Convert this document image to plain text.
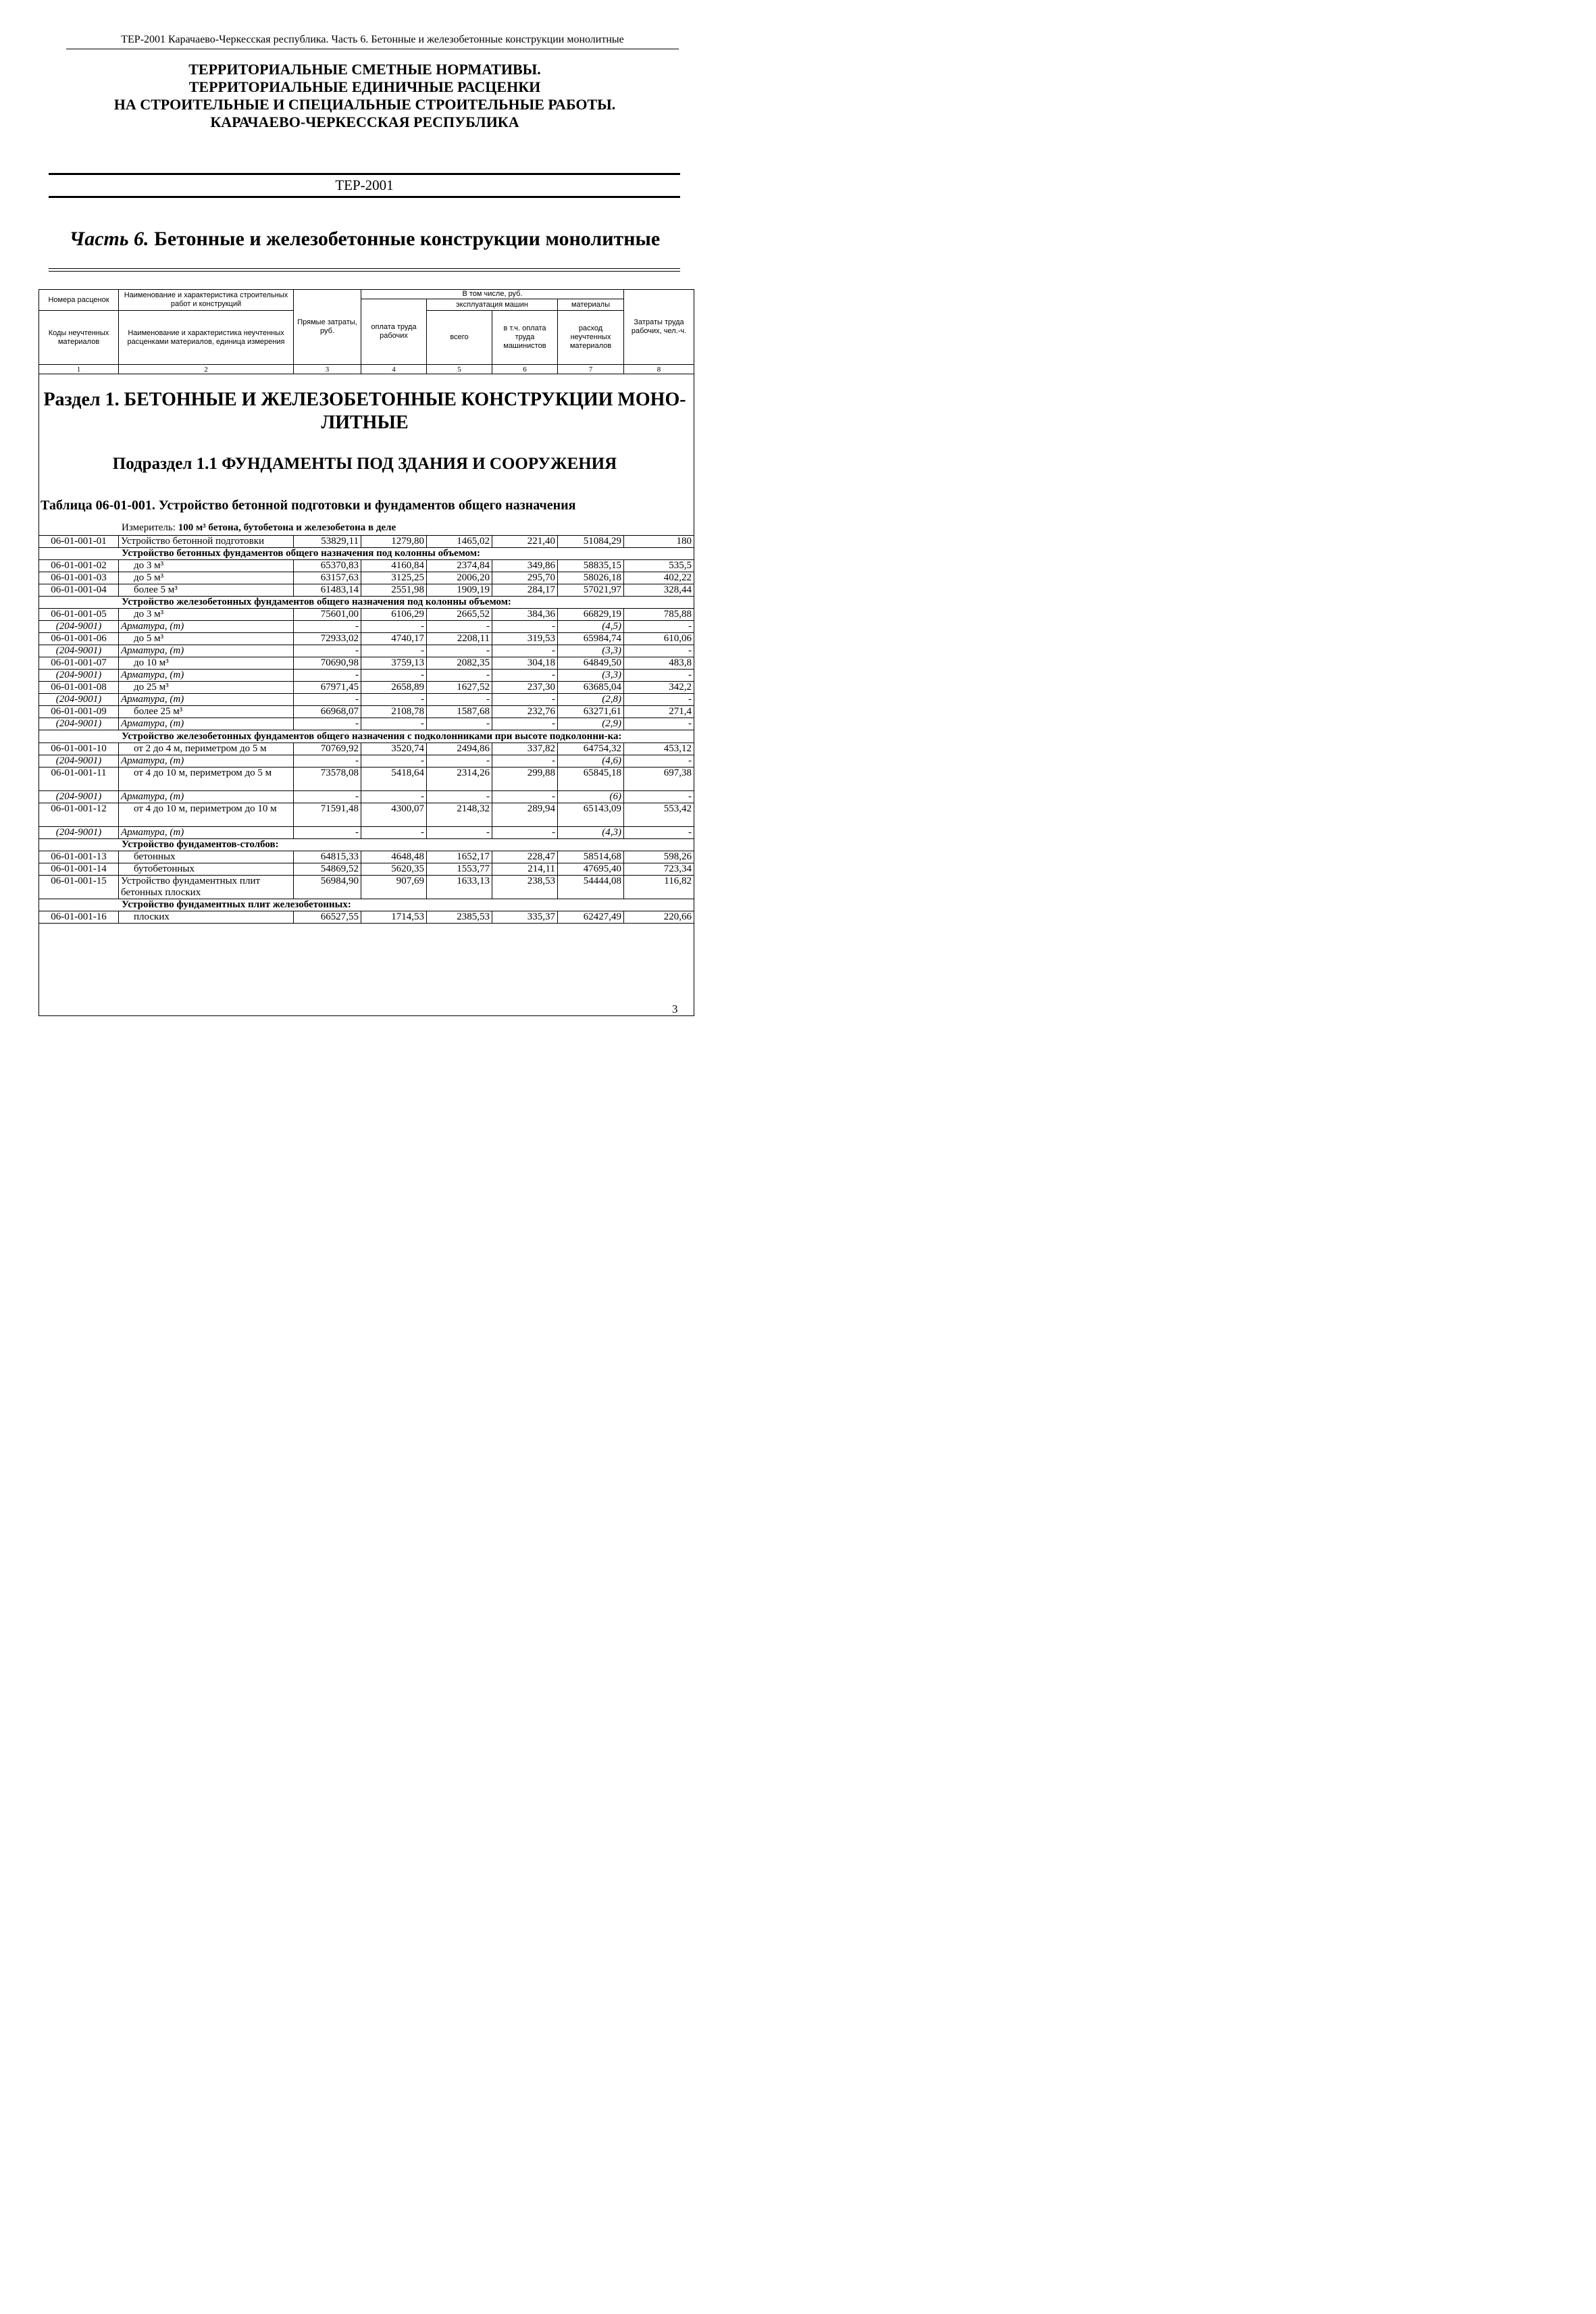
ТЕР-2001 Карачаево-Черкесская республика. Часть 6. Бетонные и железобетонные конструкции монолитные
ТЕРРИТОРИАЛЬНЫЕ СМЕТНЫЕ НОРМАТИВЫ.
ТЕРРИТОРИАЛЬНЫЕ ЕДИНИЧНЫЕ РАСЦЕНКИ
НА СТРОИТЕЛЬНЫЕ И СПЕЦИАЛЬНЫЕ СТРОИТЕЛЬНЫЕ РАБОТЫ.
КАРАЧАЕВО-ЧЕРКЕССКАЯ РЕСПУБЛИКА
ТЕР-2001
Часть 6. Бетонные и железобетонные конструкции монолитные
Номера расценок	Наименование и характеристика строительных работ и конструкций	Прямые затраты, руб.	В том числе, руб.				Затраты труда рабочих, чел.-ч.
			оплата труда рабочих	эксплуатация машин		материалы	
Коды неучтенных материалов	Наименование и характеристика неучтенных расценками материалов, единица измерения			всего	в т.ч. оплата труда машинистов	расход неучтенных материалов	

1	2	3	4	5	6	7	8
Раздел 1. БЕТОННЫЕ И ЖЕЛЕЗОБЕТОННЫЕ КОНСТРУКЦИИ МОНО-ЛИТНЫЕ
Подраздел 1.1 ФУНДАМЕНТЫ ПОД ЗДАНИЯ И СООРУЖЕНИЯ
Таблица 06-01-001. Устройство бетонной подготовки и фундаментов общего назначения
Измеритель: 100 м³ бетона, бутобетона и железобетона в деле
06-01-001-01	Устройство бетонной подготовки	53829,11	1279,80	1465,02	221,40	51084,29	180
Устройство бетонных фундаментов общего назначения под колонны объемом:							
06-01-001-02	до 3 м³	65370,83	4160,84	2374,84	349,86	58835,15	535,5
06-01-001-03	до 5 м³	63157,63	3125,25	2006,20	295,70	58026,18	402,22
06-01-001-04	более 5 м³	61483,14	2551,98	1909,19	284,17	57021,97	328,44
Устройство железобетонных фундаментов общего назначения под колонны объемом:							
06-01-001-05	до 3 м³	75601,00	6106,29	2665,52	384,36	66829,19	785,88
(204-9001)	Арматура, (т)	-	-	-	-	(4,5)	-
06-01-001-06	до 5 м³	72933,02	4740,17	2208,11	319,53	65984,74	610,06
(204-9001)	Арматура, (т)	-	-	-	-	(3,3)	-
06-01-001-07	до 10 м³	70690,98	3759,13	2082,35	304,18	64849,50	483,8
(204-9001)	Арматура, (т)	-	-	-	-	(3,3)	-
06-01-001-08	до 25 м³	67971,45	2658,89	1627,52	237,30	63685,04	342,2
(204-9001)	Арматура, (т)	-	-	-	-	(2,8)	-
06-01-001-09	более 25 м³	66968,07	2108,78	1587,68	232,76	63271,61	271,4
(204-9001)	Арматура, (т)	-	-	-	-	(2,9)	-
Устройство железобетонных фундаментов общего назначения с подколонниками при высоте подколонни-ка:							
06-01-001-10	от 2 до 4 м, периметром до 5 м	70769,92	3520,74	2494,86	337,82	64754,32	453,12
(204-9001)	Арматура, (т)	-	-	-	-	(4,6)	-
06-01-001-11	от 4 до 10 м, периметром до 5 м	73578,08	5418,64	2314,26	299,88	65845,18	697,38
(204-9001)	Арматура, (т)	-	-	-	-	(6)	-
06-01-001-12	от 4 до 10 м, периметром до 10 м	71591,48	4300,07	2148,32	289,94	65143,09	553,42
(204-9001)	Арматура, (т)	-	-	-	-	(4,3)	-
Устройство фундаментов-столбов:							
06-01-001-13	бетонных	64815,33	4648,48	1652,17	228,47	58514,68	598,26
06-01-001-14	бутобетонных	54869,52	5620,35	1553,77	214,11	47695,40	723,34
06-01-001-15	Устройство фундаментных плит бетонных плоских	56984,90	907,69	1633,13	238,53	54444,08	116,82
Устройство фундаментных плит железобетонных:							
06-01-001-16	плоских	66527,55	1714,53	2385,53	335,37	62427,49	220,66
3
